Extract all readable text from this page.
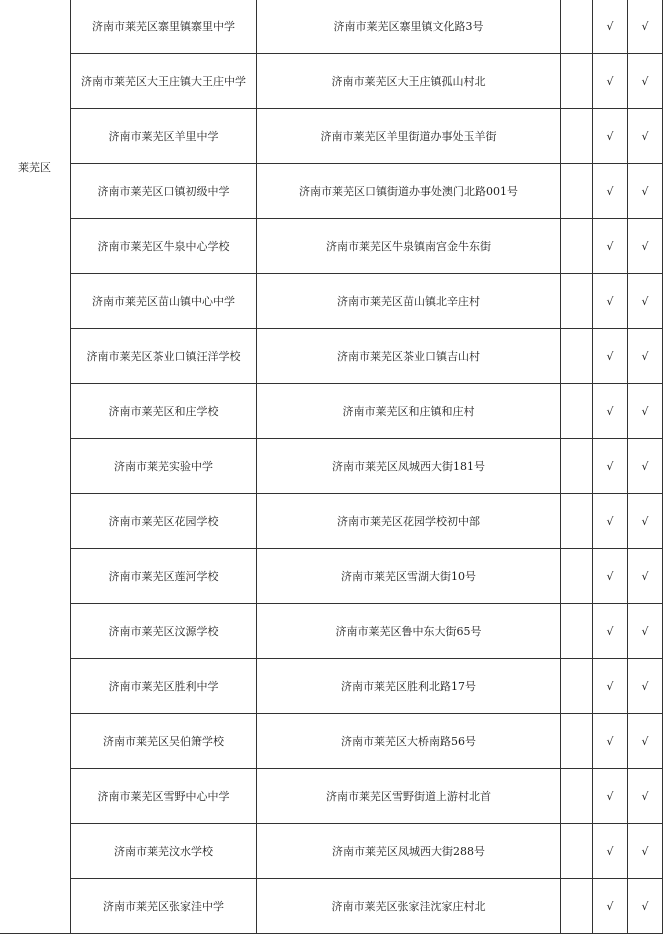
莱芜区	济南市莱芜区寨里镇寨里中学	济南市莱芜区寨里镇文化路3号		√	√
	济南市莱芜区大王庄镇大王庄中学	济南市莱芜区大王庄镇孤山村北		√	√
	济南市莱芜区羊里中学	济南市莱芜区羊里街道办事处玉羊街		√	√
	济南市莱芜区口镇初级中学	济南市莱芜区口镇街道办事处澳门北路001号		√	√
	济南市莱芜区牛泉中心学校	济南市莱芜区牛泉镇南宫金牛东街		√	√
	济南市莱芜区苗山镇中心中学	济南市莱芜区苗山镇北辛庄村		√	√
	济南市莱芜区茶业口镇汪洋学校	济南市莱芜区茶业口镇吉山村		√	√
	济南市莱芜区和庄学校	济南市莱芜区和庄镇和庄村		√	√
	济南市莱芜实验中学	济南市莱芜区凤城西大街181号		√	√
	济南市莱芜区花园学校	济南市莱芜区花园学校初中部		√	√
	济南市莱芜区莲河学校	济南市莱芜区雪湖大街10号		√	√
	济南市莱芜区汶源学校	济南市莱芜区鲁中东大街65号		√	√
	济南市莱芜区胜利中学	济南市莱芜区胜利北路17号		√	√
	济南市莱芜区吴伯箫学校	济南市莱芜区大桥南路56号		√	√
	济南市莱芜区雪野中心中学	济南市莱芜区雪野街道上游村北首		√	√
	济南市莱芜汶水学校	济南市莱芜区凤城西大街288号		√	√
	济南市莱芜区张家洼中学	济南市莱芜区张家洼沈家庄村北		√	√
